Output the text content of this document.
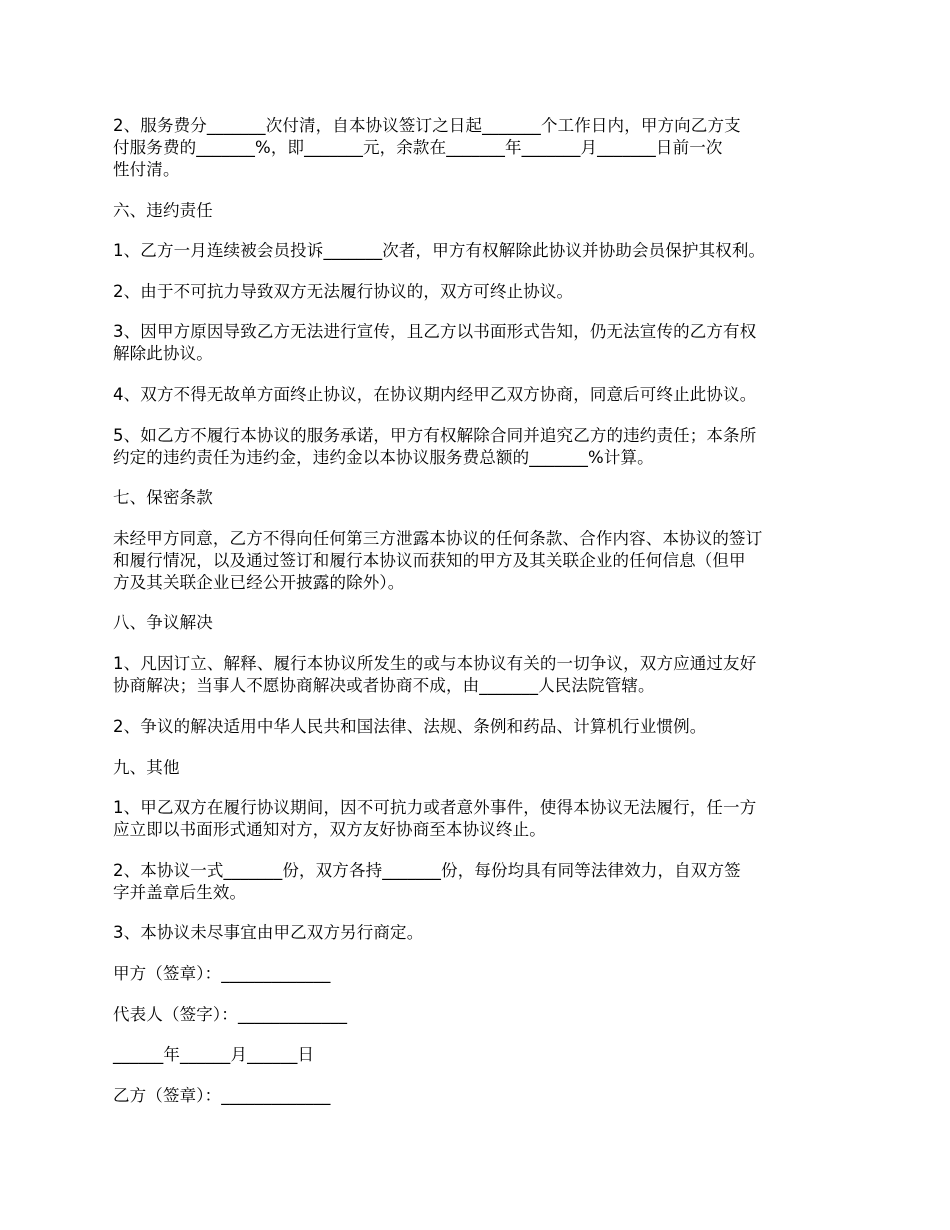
2、服务费分_______次付清，自本协议签订之日起_______个工作日内，甲方向乙方支
付服务费的_______%，即_______元，余款在_______年_______月_______日前一次
性付清。
六、违约责任
1、乙方一月连续被会员投诉_______次者，甲方有权解除此协议并协助会员保护其权利。
2、由于不可抗力导致双方无法履行协议的，双方可终止协议。
3、因甲方原因导致乙方无法进行宣传，且乙方以书面形式告知，仍无法宣传的乙方有权
解除此协议。
4、双方不得无故单方面终止协议，在协议期内经甲乙双方协商，同意后可终止此协议。
5、如乙方不履行本协议的服务承诺，甲方有权解除合同并追究乙方的违约责任；本条所
约定的违约责任为违约金，违约金以本协议服务费总额的_______%计算。
七、保密条款
未经甲方同意，乙方不得向任何第三方泄露本协议的任何条款、合作内容、本协议的签订
和履行情况，以及通过签订和履行本协议而获知的甲方及其关联企业的任何信息（但甲
方及其关联企业已经公开披露的除外）。
八、争议解决
1、凡因订立、解释、履行本协议所发生的或与本协议有关的一切争议，双方应通过友好
协商解决；当事人不愿协商解决或者协商不成，由_______人民法院管辖。
2、争议的解决适用中华人民共和国法律、法规、条例和药品、计算机行业惯例。
九、其他
1、甲乙双方在履行协议期间，因不可抗力或者意外事件，使得本协议无法履行，任一方
应立即以书面形式通知对方，双方友好协商至本协议终止。
2、本协议一式_______份，双方各持_______份，每份均具有同等法律效力，自双方签
字并盖章后生效。
3、本协议未尽事宜由甲乙双方另行商定。
甲方（签章）：_____________
代表人（签字）：_____________
______年______月______日
乙方（签章）：_____________
